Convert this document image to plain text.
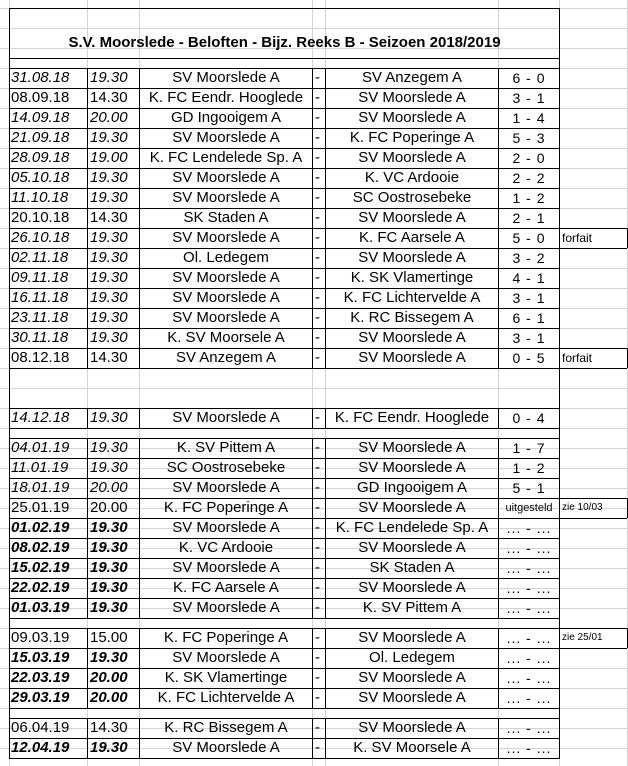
S.V. Moorslede - Beloften - Bijz. Reeks B - Seizoen 2018/2019
31.08.18	19.30	SV Moorslede A	-	SV Anzegem A	6 - 0
08.09.18	14.30	K. FC Eendr. Hooglede -	SV Moorslede A	3 - 1
14.09.18	20.00	GD Ingooigem A	-	SV Moorslede A	1 - 4
21.09.18	19.30	SV Moorslede A	-	K. FC Poperinge A	5 - 3
28.09.18	19.00	K. FC Lendelede Sp. A -	SV Moorslede A	2 - 0
05.10.18	19.30	SV Moorslede A	-	K. VC Ardooie	2 - 2
11.10.18	19.30	SV Moorslede A	-	SC Oostrosebeke	1 - 2
20.10.18	14.30	SK Staden A	-	SV Moorslede A	2 - 1
26.10.18	19.30	SV Moorslede A	-	K. FC Aarsele A	5 - 0	forfait
02.11.18	19.30	Ol. Ledegem	-	SV Moorslede A	3 - 2
09.11.18	19.30	SV Moorslede A	-	K. SK Vlamertinge	4 - 1
16.11.18	19.30	SV Moorslede A	-	K. FC Lichtervelde A	3 - 1
23.11.18	19.30	SV Moorslede A	-	K. RC Bissegem A	6 - 1
30.11.18	19.30	K. SV Moorsele A	-	SV Moorslede A	3 - 1
08.12.18	14.30	SV Anzegem A	-	SV Moorslede A	0 - 5	forfait
14.12.18	19.30	SV Moorslede A	- K. FC Eendr. Hooglede	0 - 4
04.01.19	19.30	K. SV Pittem A	-	SV Moorslede A	1 - 7
11.01.19	19.30	SC Oostrosebeke	-	SV Moorslede A	1 - 2
18.01.19	20.00	SV Moorslede A	-	GD Ingooigem A	5 - 1
25.01.19	20.00	K. FC Poperinge A	-	SV Moorslede A	uitgesteld zie 10/03
01.02.19	19.30	SV Moorslede A	-	K. FC Lendelede Sp. A	... - ...
08.02.19	19.30	K. VC Ardooie	-	SV Moorslede A	... - ...
15.02.19	19.30	SV Moorslede A	-	SK Staden A	... - ...
22.02.19	19.30	K. FC Aarsele A	-	SV Moorslede A	... - ...
01.03.19	19.30	SV Moorslede A	-	K. SV Pittem A	... - ...
09.03.19	15.00	K. FC Poperinge A	-	SV Moorslede A	... - ...	zie 25/01
15.03.19	19.30	SV Moorslede A	-	Ol. Ledegem	... - ...
22.03.19	20.00	K. SK Vlamertinge	-	SV Moorslede A	... - ...
29.03.19	20.00	K. FC Lichtervelde A	-	SV Moorslede A	... - ...
06.04.19	14.30	K. RC Bissegem A	-	SV Moorslede A	... - ...
12.04.19	19.30	SV Moorslede A	-	K. SV Moorsele A	... - ...
